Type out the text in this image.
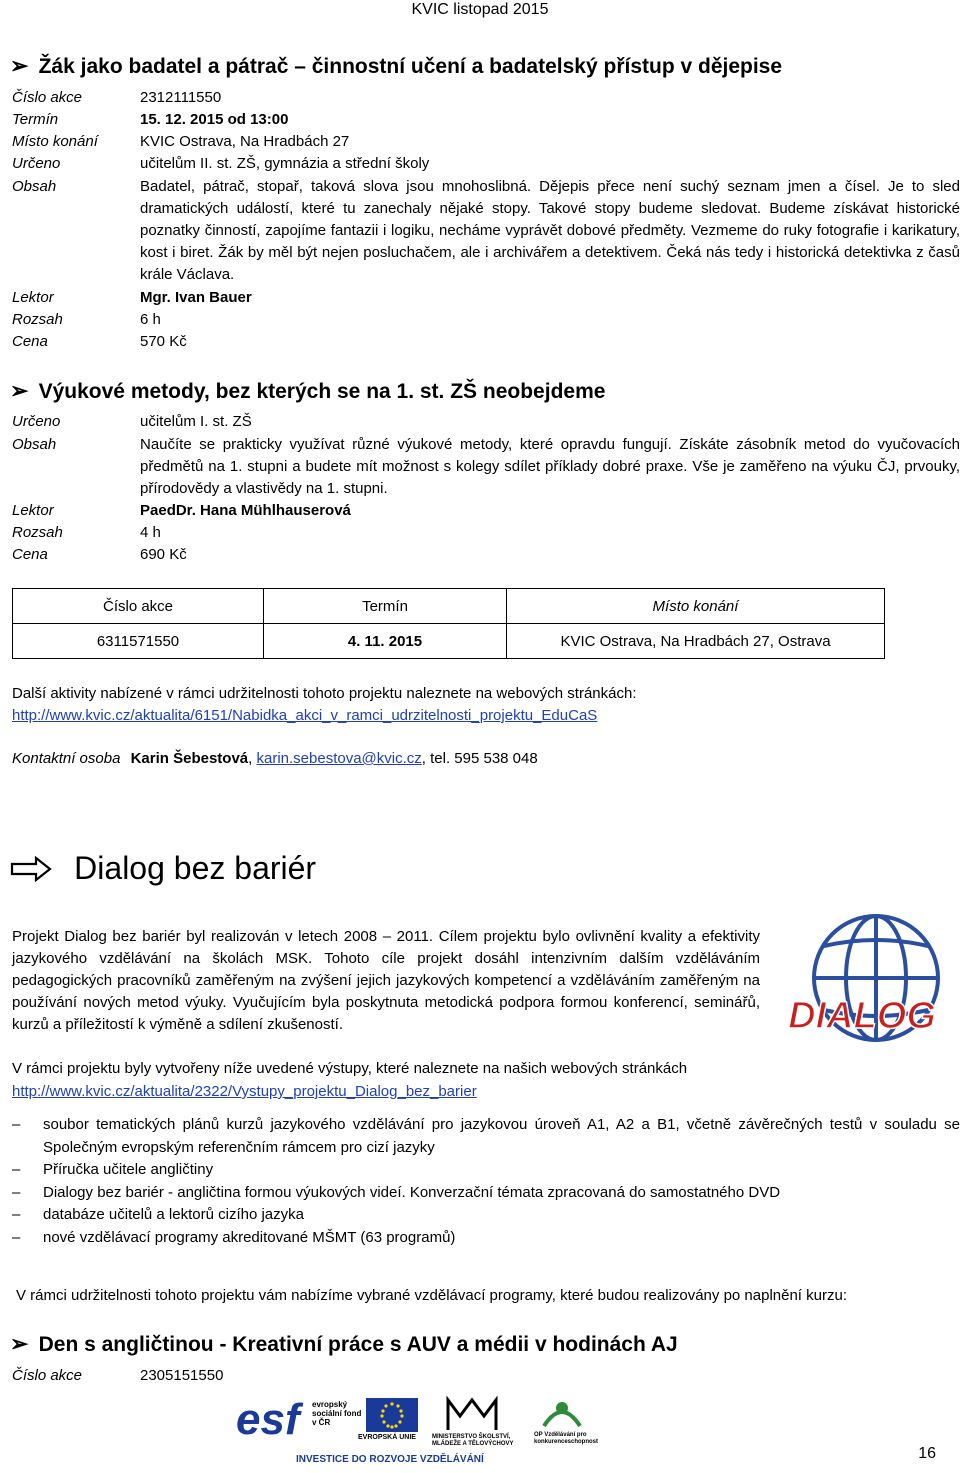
KVIC listopad 2015
➢ Žák jako badatel a pátrač – činnostní učení a badatelský přístup v dějepise
Číslo akce	2312111550
Termín	15. 12. 2015 od 13:00
Místo konání	KVIC Ostrava, Na Hradbách 27
Určeno	učitelům II. st. ZŠ, gymnázia a střední školy
Obsah	Badatel, pátrač, stopař, taková slova jsou mnohoslibná. Dějepis přece není suchý seznam jmen a čísel. Je to sled dramatických událostí, které tu zanechaly nějaké stopy. Takové stopy budeme sledovat. Budeme získávat historické poznatky činností, zapojíme fantazii i logiku, necháme vyprávět dobové předměty. Vezmeme do ruky fotografie i karikatury, kost i biret. Žák by měl být nejen posluchačem, ale i archivářem a detektivem. Čeká nás tedy i historická detektivka z časů krále Václava.
Lektor	Mgr. Ivan Bauer
Rozsah	6 h
Cena	570 Kč
➢ Výukové metody, bez kterých se na 1. st. ZŠ neobejdeme
Určeno	učitelům I. st. ZŠ
Obsah	Naučíte se prakticky využívat různé výukové metody, které opravdu fungují. Získáte zásobník metod do vyučovacích předmětů na 1. stupni a budete mít možnost s kolegy sdílet příklady dobré praxe. Vše je zaměřeno na výuku ČJ, prvouky, přírodovědy a vlastivědy na 1. stupni.
Lektor	PaedDr. Hana Mühlhauserová
Rozsah	4 h
Cena	690 Kč
Číslo akce	Termín	Místo konání
6311571550	4. 11. 2015	KVIC Ostrava, Na Hradbách 27, Ostrava
Další aktivity nabízené v rámci udržitelnosti tohoto projektu naleznete na webových stránkách:
http://www.kvic.cz/aktualita/6151/Nabidka_akci_v_ramci_udrzitelnosti_projektu_EduCaS
Kontaktní osoba Karin Šebestová, karin.sebestova@kvic.cz, tel. 595 538 048
Dialog bez bariér
Projekt Dialog bez bariér byl realizován v letech 2008 – 2011. Cílem projektu bylo ovlivnění kvality a efektivity jazykového vzdělávání na školách MSK. Tohoto cíle projekt dosáhl intenzivním dalším vzděláváním pedagogických pracovníků zaměřeným na zvýšení jejich jazykových kompetencí a vzděláváním zaměřeným na používání nových metod výuky. Vyučujícím byla poskytnuta metodická podpora formou konferencí, seminářů, kurzů a příležitostí k výměně a sdílení zkušeností.	DIALOG
V rámci projektu byly vytvořeny níže uvedené výstupy, které naleznete na našich webových stránkách
http://www.kvic.cz/aktualita/2322/Vystupy_projektu_Dialog_bez_barier
– soubor tematických plánů kurzů jazykového vzdělávání pro jazykovou úroveň A1, A2 a B1, včetně závěrečných testů v souladu se Společným evropským referenčním rámcem pro cizí jazyky
– Příručka učitele angličtiny
– Dialogy bez bariér - angličtina formou výukových videí. Konverzační témata zpracovaná do samostatného DVD
– databáze učitelů a lektorů cizího jazyka
– nové vzdělávací programy akreditované MŠMT (63 programů)
V rámci udržitelnosti tohoto projektu vám nabízíme vybrané vzdělávací programy, které budou realizovány po naplnění kurzu:
➢ Den s angličtinou - Kreativní práce s AUV a médii v hodinách AJ
Číslo akce	2305151550
esf evropský sociální fond v ČR
EVROPSKÁ UNIE	MINISTERSTVO ŠKOLSTVÍ, MLÁDEŽE A TĚLOVÝCHOVY
OP Vzdělávání pro konkurenceschopnost
INVESTICE DO ROZVOJE VZDĚLÁVÁNÍ	16
